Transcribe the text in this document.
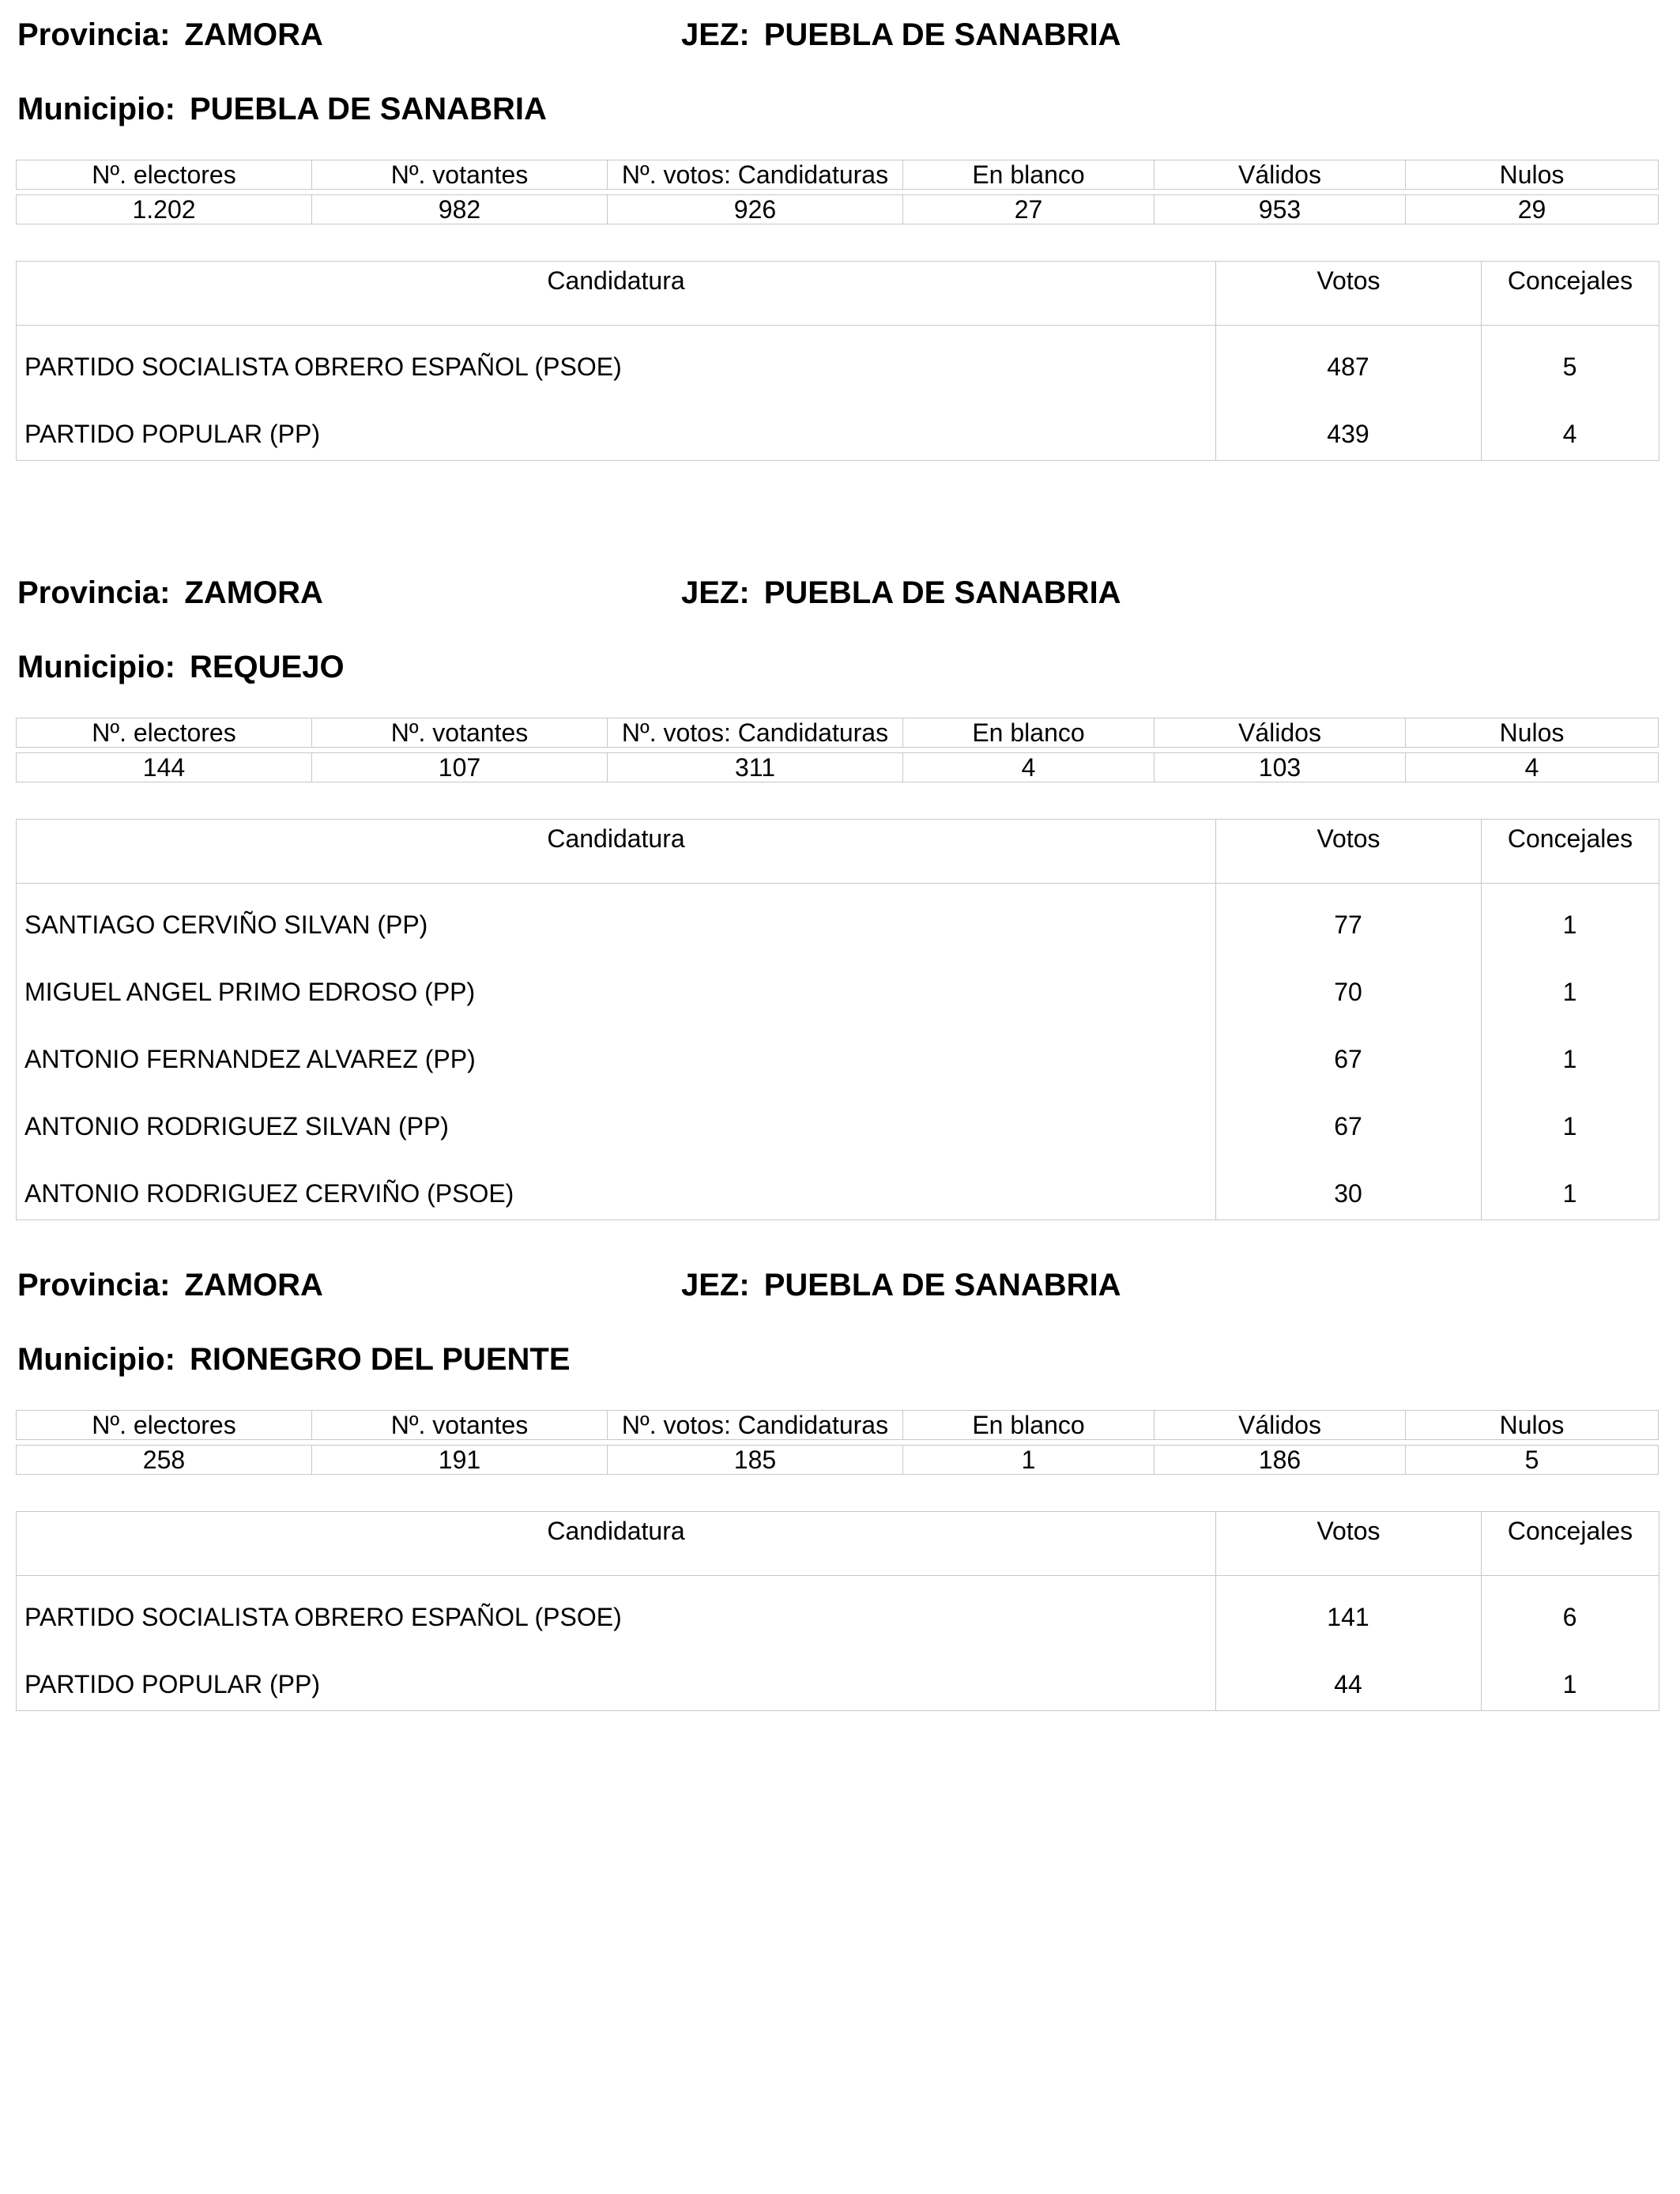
Provincia: ZAMORA	JEZ: PUEBLA DE SANABRIA
Municipio: PUEBLA DE SANABRIA
Nº. electores	Nº. votantes	Nº. votos: Candidaturas	En blanco	Válidos	Nulos

1.202	982	926	27	953	29
Candidatura	Votos	Concejales
PARTIDO SOCIALISTA OBRERO ESPAÑOL (PSOE)	487	5
PARTIDO POPULAR (PP)	439	4
Provincia: ZAMORA	JEZ: PUEBLA DE SANABRIA
Municipio: REQUEJO
Nº. electores	Nº. votantes	Nº. votos: Candidaturas	En blanco	Válidos	Nulos

144	107	311	4	103	4
Candidatura	Votos	Concejales
SANTIAGO CERVIÑO SILVAN (PP)	77	1
MIGUEL ANGEL PRIMO EDROSO (PP)	70	1
ANTONIO FERNANDEZ ALVAREZ (PP)	67	1
ANTONIO RODRIGUEZ SILVAN (PP)	67	1
ANTONIO RODRIGUEZ CERVIÑO (PSOE)	30	1
Provincia: ZAMORA	JEZ: PUEBLA DE SANABRIA
Municipio: RIONEGRO DEL PUENTE
Nº. electores	Nº. votantes	Nº. votos: Candidaturas	En blanco	Válidos	Nulos

258	191	185	1	186	5
Candidatura	Votos	Concejales
PARTIDO SOCIALISTA OBRERO ESPAÑOL (PSOE)	141	6
PARTIDO POPULAR (PP)	44	1
